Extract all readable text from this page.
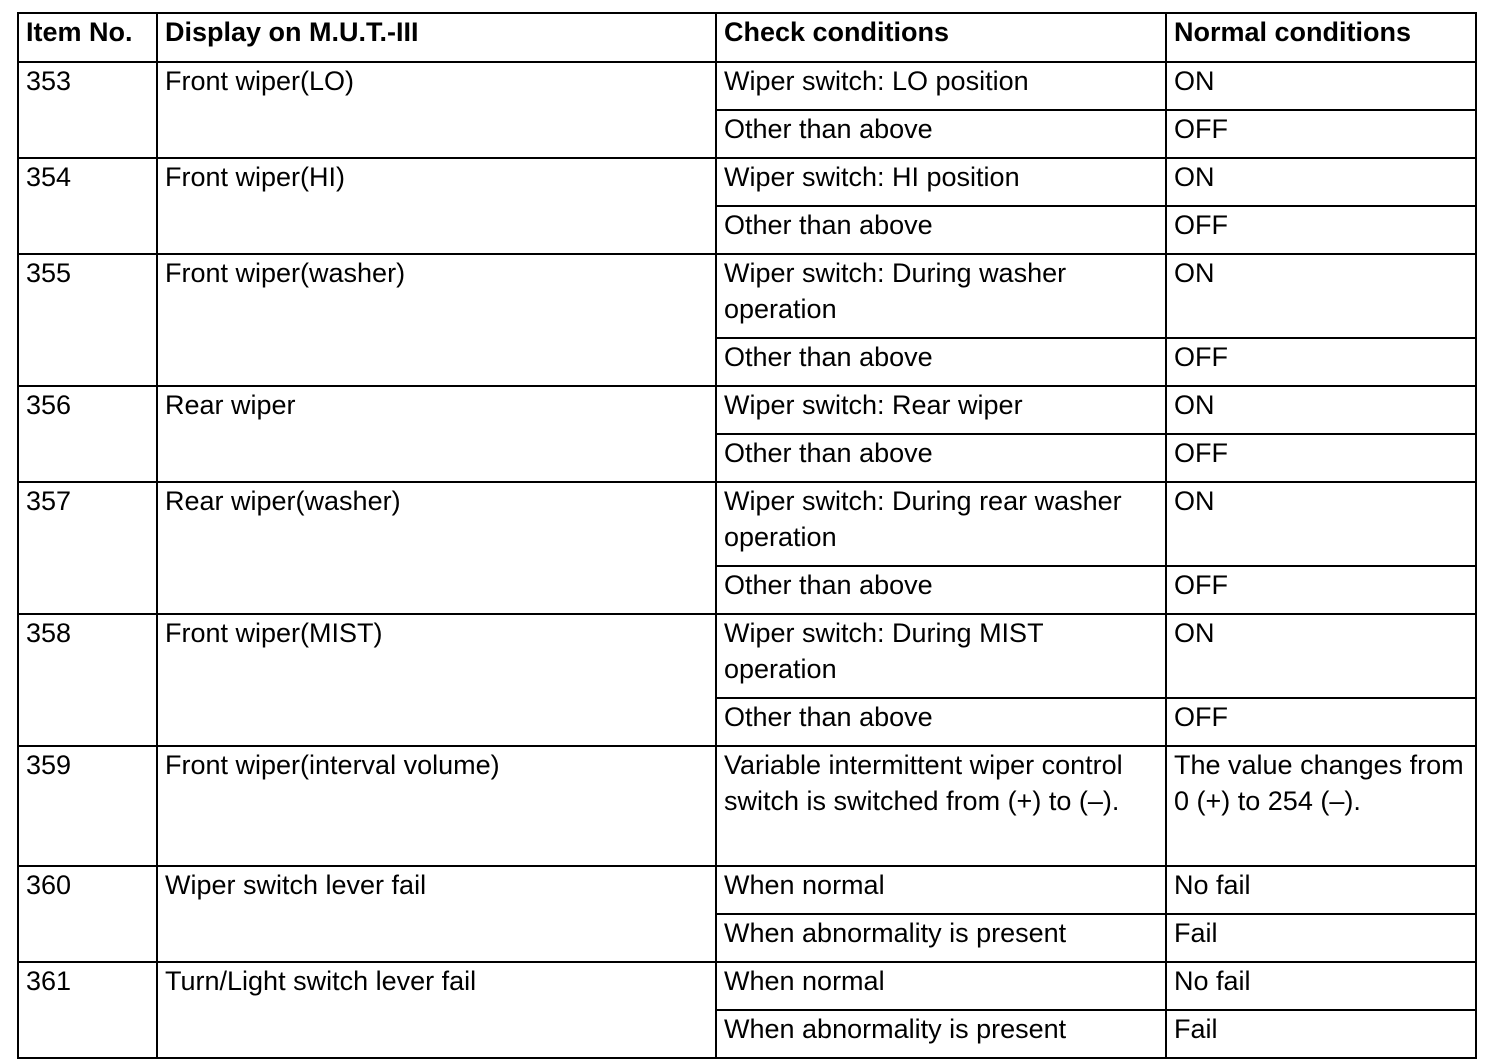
Item No.	Display on M.U.T.-III	Check conditions	Normal conditions
353	Front wiper(LO)	Wiper switch: LO position	ON
		Other than above	OFF
354	Front wiper(HI)	Wiper switch: HI position	ON
		Other than above	OFF
355	Front wiper(washer)	Wiper switch: During washer operation	ON
		Other than above	OFF
356	Rear wiper	Wiper switch: Rear wiper	ON
		Other than above	OFF
357	Rear wiper(washer)	Wiper switch: During rear washer operation	ON
		Other than above	OFF
358	Front wiper(MIST)	Wiper switch: During MIST operation	ON
		Other than above	OFF
359	Front wiper(interval volume)	Variable intermittent wiper control switch is switched from (+) to (–).	The value changes from 0 (+) to 254 (–).
360	Wiper switch lever fail	When normal	No fail
		When abnormality is present	Fail
361	Turn/Light switch lever fail	When normal	No fail
		When abnormality is present	Fail
